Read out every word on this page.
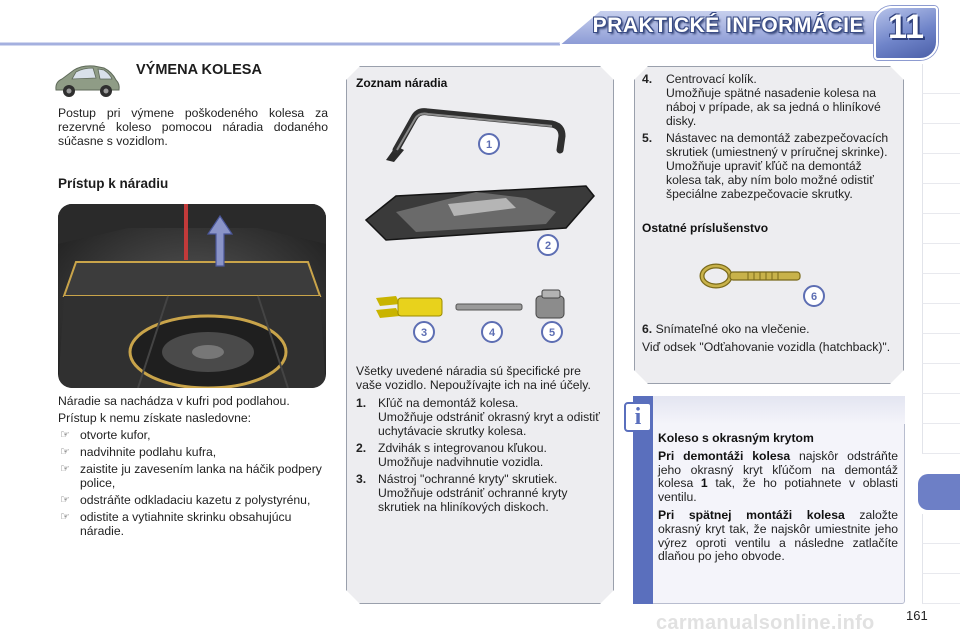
PRAKTICKÉ INFORMÁCIE 11
VÝMENA KOLESA
Postup pri výmene poškodeného kolesa za rezervné koleso pomocou náradia dodaného súčasne s vozidlom.
Prístup k náradiu

Náradie sa nachádza v kufri pod podlahou.

Prístup k nemu získate nasledovne:

☞ otvorte kufor,
☞ nadvihnite podlahu kufra,
☞ zaistite ju zavesením lanka na háčik podpery police,
☞ odstráňte odkladaciu kazetu z polystyrénu,
☞ odistite a vytiahnite skrinku obsahujúcu náradie.
Zoznam náradia
1
2
3	4	5

Všetky uvedené náradia sú špecifické pre vaše vozidlo. Nepoužívajte ich na iné účely.

1. Kľúč na demontáž kolesa.
Umožňuje odstrániť okrasný kryt a odistiť uchytávacie skrutky kolesa.
2. Zdvihák s integrovanou kľukou.
Umožňuje nadvihnutie vozidla.
3. Nástroj "ochranné kryty" skrutiek.
Umožňuje odstrániť ochranné kryty skrutiek na hliníkových diskoch.
4. Centrovací kolík.
Umožňuje spätné nasadenie kolesa na náboj v prípade, ak sa jedná o hliníkové disky.
5. Nástavec na demontáž zabezpečovacích skrutiek (umiestnený v príručnej skrinke).
Umožňuje upraviť kľúč na demontáž kolesa tak, aby ním bolo možné odistiť špeciálne zabezpečovacie skrutky.
Ostatné príslušenstvo
6

6. Snímateľné oko na vlečenie.

Viď odsek "Odťahovanie vozidla (hatchback)".

i

Koleso s okrasným krytom

Pri demontáži kolesa najskôr odstráňte jeho okrasný kryt kľúčom na demontáž kolesa 1 tak, že ho potiahnete v oblasti ventilu.

Pri spätnej montáži kolesa založte okrasný kryt tak, že najskôr umiestnite jeho výrez oproti ventilu a následne zatlačíte dlaňou po jeho obvode.

carmanualsonline.info 161
